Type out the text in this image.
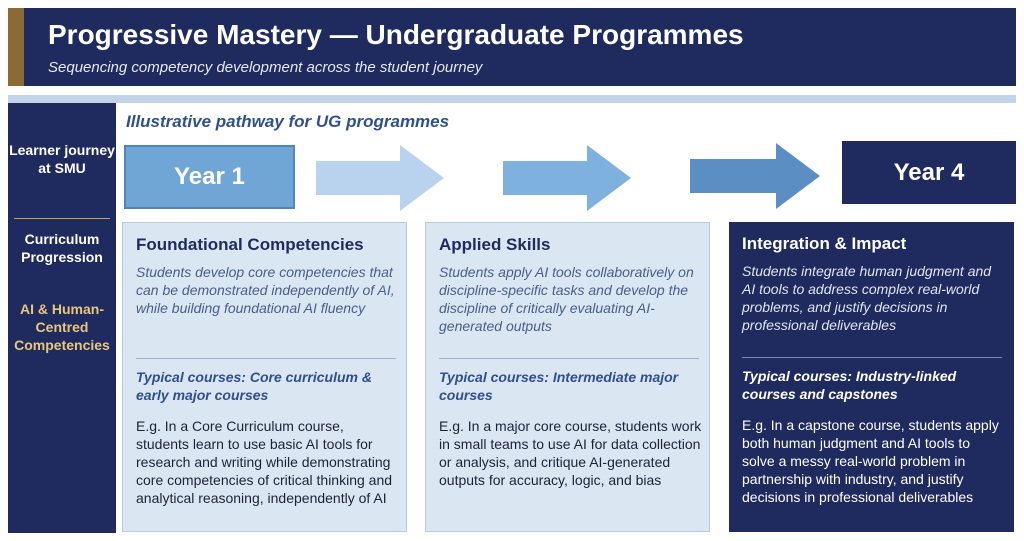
Progressive Mastery — Undergraduate Programmes
Sequencing competency development across the student journey
Learner journey at SMU
Curriculum Progression
AI & Human-Centred Competencies
Illustrative pathway for UG programmes
Year 1	Year 4
Foundational Competencies
Students develop core competencies that can be demonstrated independently of AI, while building foundational AI fluency
Typical courses: Core curriculum & early major courses
E.g. In a Core Curriculum course, students learn to use basic AI tools for research and writing while demonstrating core competencies of critical thinking and analytical reasoning, independently of AI
Applied Skills
Students apply AI tools collaboratively on discipline-specific tasks and develop the discipline of critically evaluating AI-generated outputs
Typical courses: Intermediate major courses
E.g. In a major core course, students work in small teams to use AI for data collection or analysis, and critique AI-generated outputs for accuracy, logic, and bias
Integration & Impact
Students integrate human judgment and AI tools to address complex real-world problems, and justify decisions in professional deliverables
Typical courses: Industry-linked courses and capstones
E.g. In a capstone course, students apply both human judgment and AI tools to solve a messy real-world problem in partnership with industry, and justify decisions in professional deliverables
